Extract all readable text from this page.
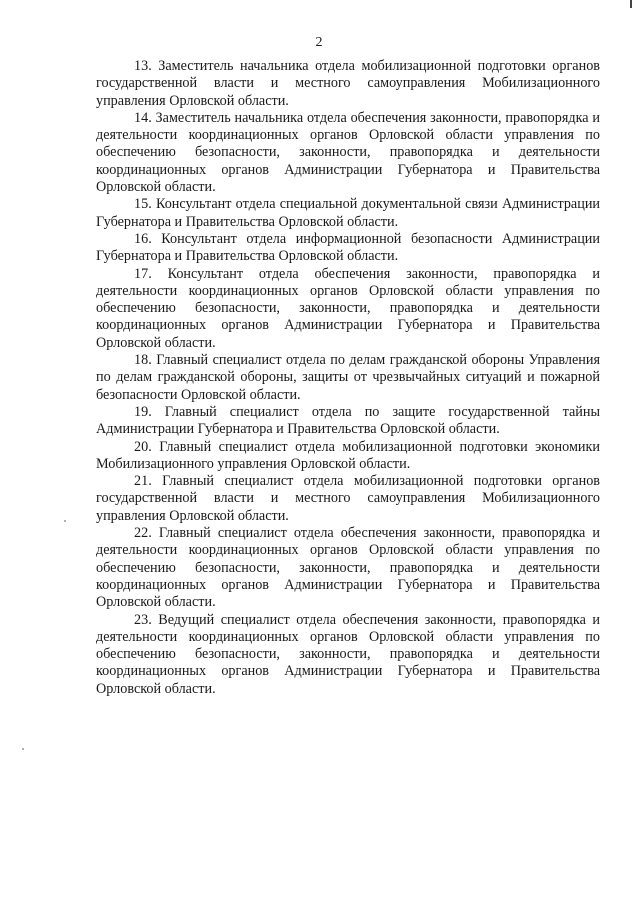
2

13. Заместитель начальника отдела мобилизационной подготовки органов государственной власти и местного самоуправления Мобилизационного управления Орловской области.

14. Заместитель начальника отдела обеспечения законности, правопорядка и деятельности координационных органов Орловской области управления по обеспечению безопасности, законности, правопорядка и деятельности координационных органов Администрации Губернатора и Правительства Орловской области.

15. Консультант отдела специальной документальной связи Администрации Губернатора и Правительства Орловской области.

16. Консультант отдела информационной безопасности Администрации Губернатора и Правительства Орловской области.

17. Консультант отдела обеспечения законности, правопорядка и деятельности координационных органов Орловской области управления по обеспечению безопасности, законности, правопорядка и деятельности координационных органов Администрации Губернатора и Правительства Орловской области.

18. Главный специалист отдела по делам гражданской обороны Управления по делам гражданской обороны, защиты от чрезвычайных ситуаций и пожарной безопасности Орловской области.

19. Главный специалист отдела по защите государственной тайны Администрации Губернатора и Правительства Орловской области.

20. Главный специалист отдела мобилизационной подготовки экономики Мобилизационного управления Орловской области.

21. Главный специалист отдела мобилизационной подготовки органов государственной власти и местного самоуправления Мобилизационного управления Орловской области.

22. Главный специалист отдела обеспечения законности, правопорядка и деятельности координационных органов Орловской области управления по обеспечению безопасности, законности, правопорядка и деятельности координационных органов Администрации Губернатора и Правительства Орловской области.

23. Ведущий специалист отдела обеспечения законности, правопорядка и деятельности координационных органов Орловской области управления по обеспечению безопасности, законности, правопорядка и деятельности координационных органов Администрации Губернатора и Правительства Орловской области.
